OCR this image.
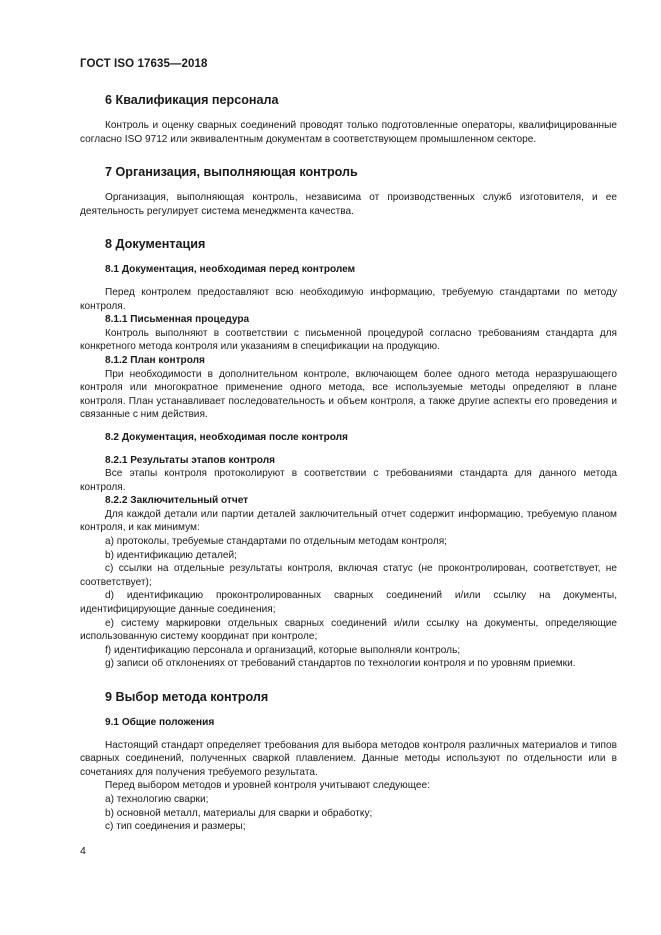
ГОСТ ISO 17635—2018
6 Квалификация персонала
Контроль и оценку сварных соединений проводят только подготовленные операторы, квалифицированные согласно ISO 9712 или эквивалентным документам в соответствующем промышленном секторе.
7 Организация, выполняющая контроль
Организация, выполняющая контроль, независима от производственных служб изготовителя, и ее деятельность регулирует система менеджмента качества.
8 Документация
8.1 Документация, необходимая перед контролем
Перед контролем предоставляют всю необходимую информацию, требуемую стандартами по методу контроля.
8.1.1 Письменная процедура
Контроль выполняют в соответствии с письменной процедурой согласно требованиям стандарта для конкретного метода контроля или указаниям в спецификации на продукцию.
8.1.2 План контроля
При необходимости в дополнительном контроле, включающем более одного метода неразрушающего контроля или многократное применение одного метода, все используемые методы определяют в плане контроля. План устанавливает последовательность и объем контроля, а также другие аспекты его проведения и связанные с ним действия.
8.2 Документация, необходимая после контроля
8.2.1 Результаты этапов контроля
Все этапы контроля протоколируют в соответствии с требованиями стандарта для данного метода контроля.
8.2.2 Заключительный отчет
Для каждой детали или партии деталей заключительный отчет содержит информацию, требуемую планом контроля, и как минимум:
a) протоколы, требуемые стандартами по отдельным методам контроля;
b) идентификацию деталей;
c) ссылки на отдельные результаты контроля, включая статус (не проконтролирован, соответствует, не соответствует);
d) идентификацию проконтролированных сварных соединений и/или ссылку на документы, идентифицирующие данные соединения;
e) систему маркировки отдельных сварных соединений и/или ссылку на документы, определяющие использованную систему координат при контроле;
f) идентификацию персонала и организаций, которые выполняли контроль;
g) записи об отклонениях от требований стандартов по технологии контроля и по уровням приемки.
9 Выбор метода контроля
9.1 Общие положения
Настоящий стандарт определяет требования для выбора методов контроля различных материалов и типов сварных соединений, полученных сваркой плавлением. Данные методы используют по отдельности или в сочетаниях для получения требуемого результата.
Перед выбором методов и уровней контроля учитывают следующее:
a) технологию сварки;
b) основной металл, материалы для сварки и обработку;
c) тип соединения и размеры;
4
